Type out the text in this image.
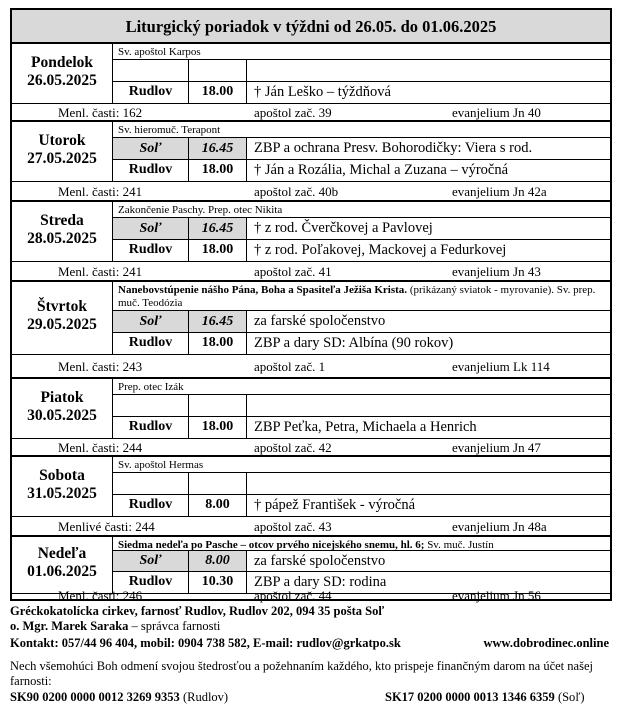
Liturgický poriadok v týždni od 26.05. do 01.06.2025
Pondelok
26.05.2025
Sv. apoštol Karpos
Rudlov	18.00	† Ján Leško – týždňová
Menl. časti: 162	apoštol zač. 39	evanjelium Jn 40
Utorok
27.05.2025
Sv. hieromuč. Terapont
Soľ	16.45	ZBP a ochrana Presv. Bohorodičky: Viera s rod.
Rudlov	18.00	† Ján a Rozália, Michal a Zuzana – výročná
Menl. časti: 241	apoštol zač. 40b	evanjelium Jn 42a
Streda
28.05.2025
Zakončenie Paschy. Prep. otec Nikita
Soľ	16.45	† z rod. Čverčkovej a Pavlovej
Rudlov	18.00	† z rod. Poľakovej, Mackovej a Fedurkovej
Menl. časti: 241	apoštol zač. 41	evanjelium Jn 43
Štvrtok
29.05.2025
Nanebovstúpenie nášho Pána, Boha a Spasiteľa Ježiša Krista. (prikázaný sviatok - myrovanie). Sv. prep. muč. Teodózia
Soľ	16.45	za farské spoločenstvo
Rudlov	18.00	ZBP a dary SD: Albína (90 rokov)
Menl. časti: 243	apoštol zač. 1	evanjelium Lk 114
Piatok
30.05.2025
Prep. otec Izák
Rudlov	18.00	ZBP Peťka, Petra, Michaela a Henrich
Menl. časti: 244	apoštol zač. 42	evanjelium Jn 47
Sobota
31.05.2025
Sv. apoštol Hermas
Rudlov	8.00	† pápež František - výročná
Menlivé časti: 244	apoštol zač. 43	evanjelium Jn 48a
Nedeľa
01.06.2025
Siedma nedeľa po Pasche – otcov prvého nicejského snemu, hl. 6; Sv. muč. Justín
Soľ	8.00	za farské spoločenstvo
Rudlov	10.30	ZBP a dary SD: rodina
Menl. časti: 246	apoštol zač. 44	evanjelium Jn 56
Gréckokatolícka cirkev, farnosť Rudlov, Rudlov 202, 094 35 pošta Soľ
o. Mgr. Marek Saraka – správca farnosti
Kontakt: 057/44 96 404, mobil: 0904 738 582, E-mail: rudlov@grkatpo.sk	www.dobrodinec.online
Nech všemohúci Boh odmení svojou štedrosťou a požehnaním každého, kto prispeje finančným darom na účet našej farnosti:
SK90 0200 0000 0012 3269 9353 (Rudlov)	SK17 0200 0000 0013 1346 6359 (Soľ)
